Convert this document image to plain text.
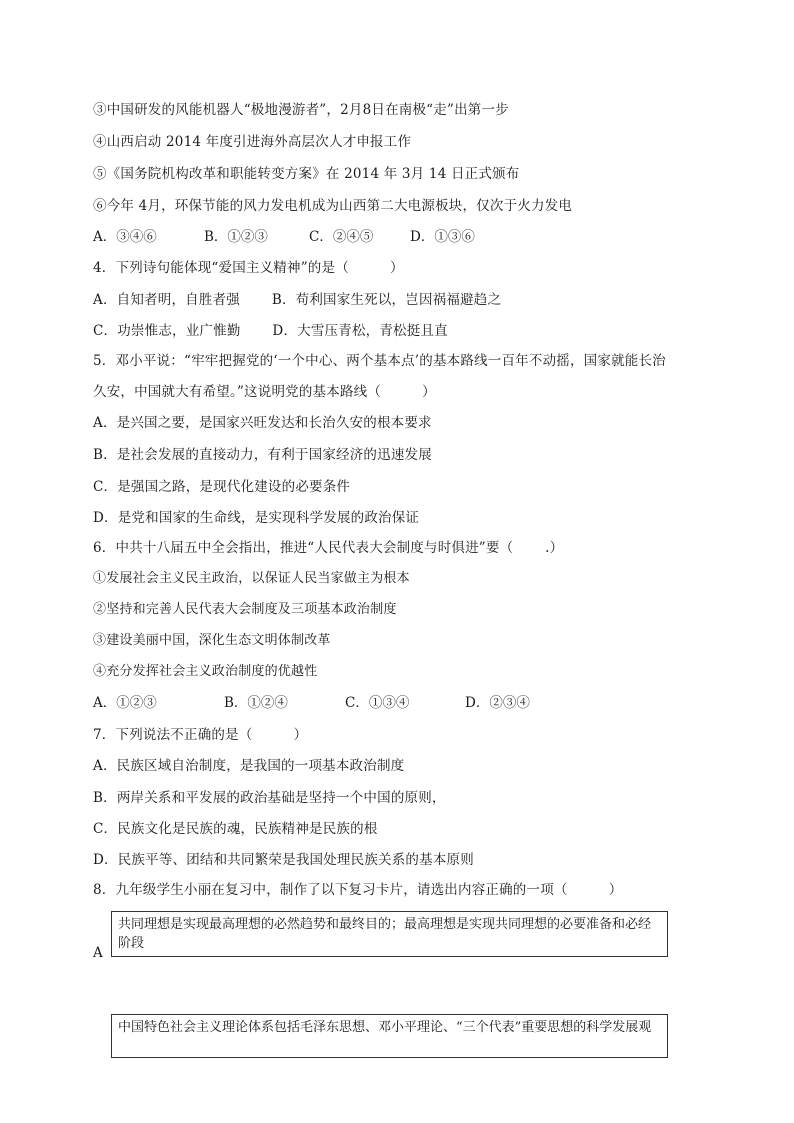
③中国研发的风能机器人“极地漫游者”，2月8日在南极“走”出第一步
④山西启动 2014 年度引进海外高层次人才申报工作
⑤《国务院机构改革和职能转变方案》在 2014 年 3月 14 日正式颁布
⑥今年 4月，环保节能的风力发电机成为山西第二大电源板块，仅次于火力发电
A．③④⑥	B．①②③	C．②④⑤	D．①③⑥
4．下列诗句能体现“爱国主义精神”的是（　　　）
A．自知者明，自胜者强　　 B．苟利国家生死以，岂因祸福避趋之
C．功崇惟志，业广惟勤　　 D．大雪压青松，青松挺且直
5．邓小平说：“牢牢把握党的‘一个中心、两个基本点’的基本路线一百年不动摇，国家就能长治
久安，中国就大有希望。”这说明党的基本路线（　　　）
A．是兴国之要，是国家兴旺发达和长治久安的根本要求
B．是社会发展的直接动力，有利于国家经济的迅速发展
C．是强国之路，是现代化建设的必要条件
D．是党和国家的生命线，是实现科学发展的政治保证
6．中共十八届五中全会指出，推进“人民代表大会制度与时俱进”要（　　 .）
①发展社会主义民主政治，以保证人民当家做主为根本
②坚持和完善人民代表大会制度及三项基本政治制度
③建设美丽中国，深化生态文明体制改革
④充分发挥社会主义政治制度的优越性
A．①②③	B．①②④	C．①③④	D．②③④
7．下列说法不正确的是（　　　）
A．民族区域自治制度，是我国的一项基本政治制度
B．两岸关系和平发展的政治基础是坚持一个中国的原则，
C．民族文化是民族的魂，民族精神是民族的根
D．民族平等、团结和共同繁荣是我国处理民族关系的基本原则
8．九年级学生小丽在复习中，制作了以下复习卡片，请选出内容正确的一项（　　　）
A
共同理想是实现最高理想的必然趋势和最终目的；最高理想是实现共同理想的必要准备和必经阶段
中国特色社会主义理论体系包括毛泽东思想、邓小平理论、“三个代表”重要思想的科学发展观
